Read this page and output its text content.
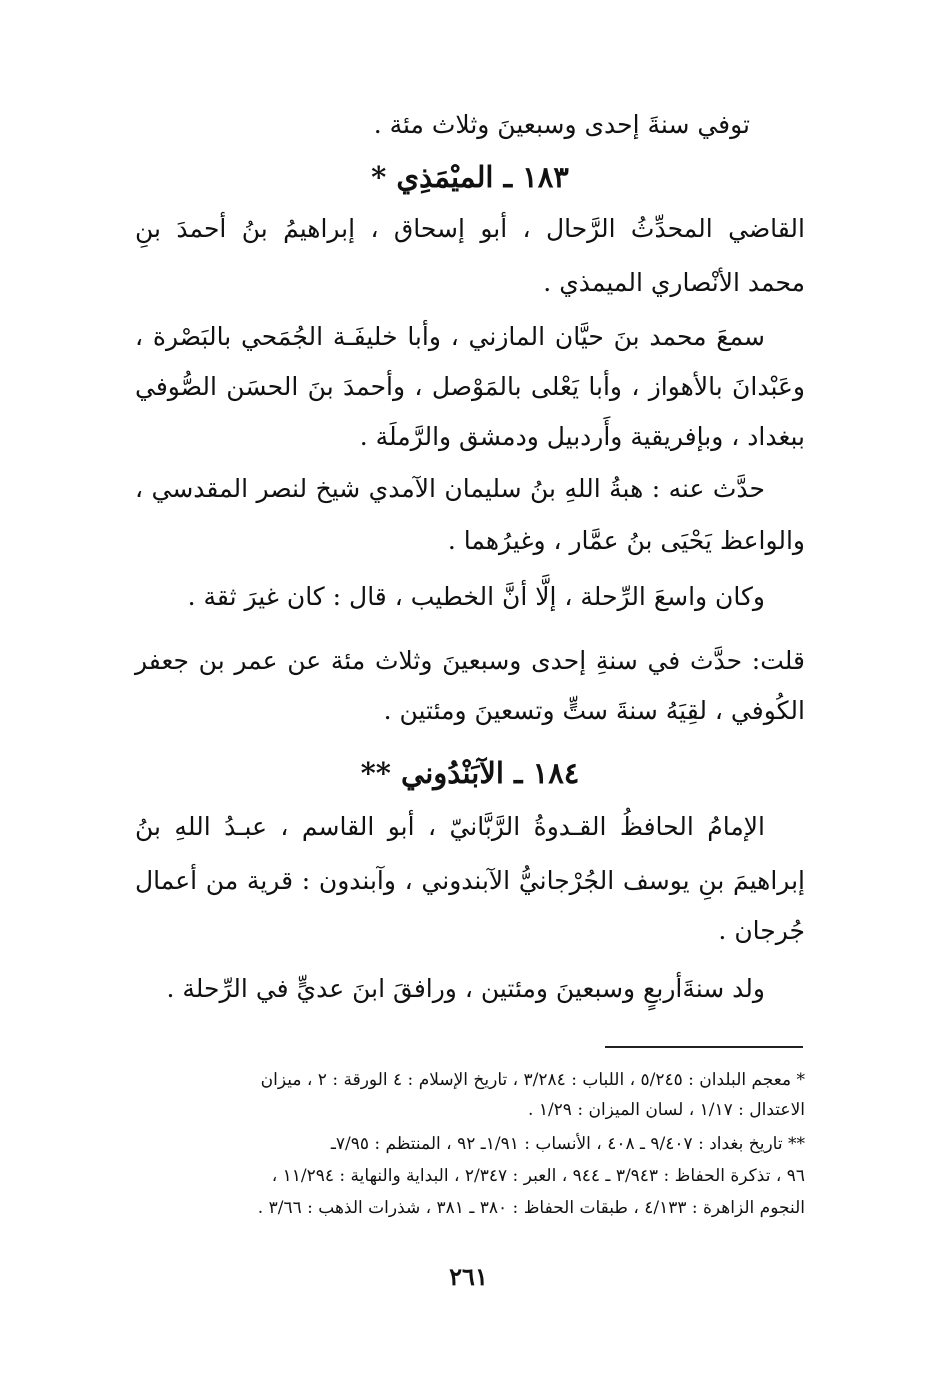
توفي سنةَ إحدى وسبعينَ وثلاث مئة .
١٨٣ ـ الميْمَذِي *
القاضي المحدِّثُ الرَّحال ، أبو إسحاق ، إبراهيمُ بنُ أحمدَ بنِ
محمد الأنْصاري الميمذي .
سمعَ محمد بنَ حيَّان المازني ، وأبا خليفَـة الجُمَحي بالبَصْرة ،
وعَبْدانَ بالأهواز ، وأبا يَعْلى بالمَوْصل ، وأحمدَ بنَ الحسَن الصُّوفي
ببغداد ، وبإفريقية وأَردبيل ودمشق والرَّملَة .
حدَّث عنه : هبةُ اللهِ بنُ سليمان الآمدي شيخ لنصر المقدسي ،
والواعظ يَحْيَى بنُ عمَّار ، وغيرُهما .
وكان واسعَ الرِّحلة ، إلَّا أنَّ الخطيب ، قال : كان غيرَ ثقة .
قلت: حدَّث في سنةِ إحدى وسبعينَ وثلاث مئة عن عمر بن جعفر
الكُوفي ، لقِيَهُ سنةَ ستٍّ وتسعينَ ومئتين .
١٨٤ ـ الآبَنْدُوني **
الإمامُ الحافظُ القـدوةُ الرَّبَّانيّ ، أبو القاسم ، عبـدُ اللهِ بنُ
إبراهيمَ بنِ يوسف الجُرْجانيُّ الآبندوني ، وآبندون : قرية من أعمال
جُرجان .
ولد سنةَأربعٍ وسبعينَ ومئتين ، ورافقَ ابنَ عديٍّ في الرِّحلة .
* معجم البلدان : ٥/٢٤٥ ، اللباب : ٣/٢٨٤ ، تاريخ الإسلام : ٤ الورقة : ٢ ، ميزان
الاعتدال : ١/١٧ ، لسان الميزان : ١/٢٩ .
** تاريخ بغداد : ٩/٤٠٧ ـ ٤٠٨ ، الأنساب : ١/٩١ـ ٩٢ ، المنتظم : ٧/٩٥ـ
٩٦ ، تذكرة الحفاظ : ٣/٩٤٣ ـ ٩٤٤ ، العبر : ٢/٣٤٧ ، البداية والنهاية : ١١/٢٩٤ ،
النجوم الزاهرة : ٤/١٣٣ ، طبقات الحفاظ : ٣٨٠ ـ ٣٨١ ، شذرات الذهب : ٣/٦٦ .
٢٦١
